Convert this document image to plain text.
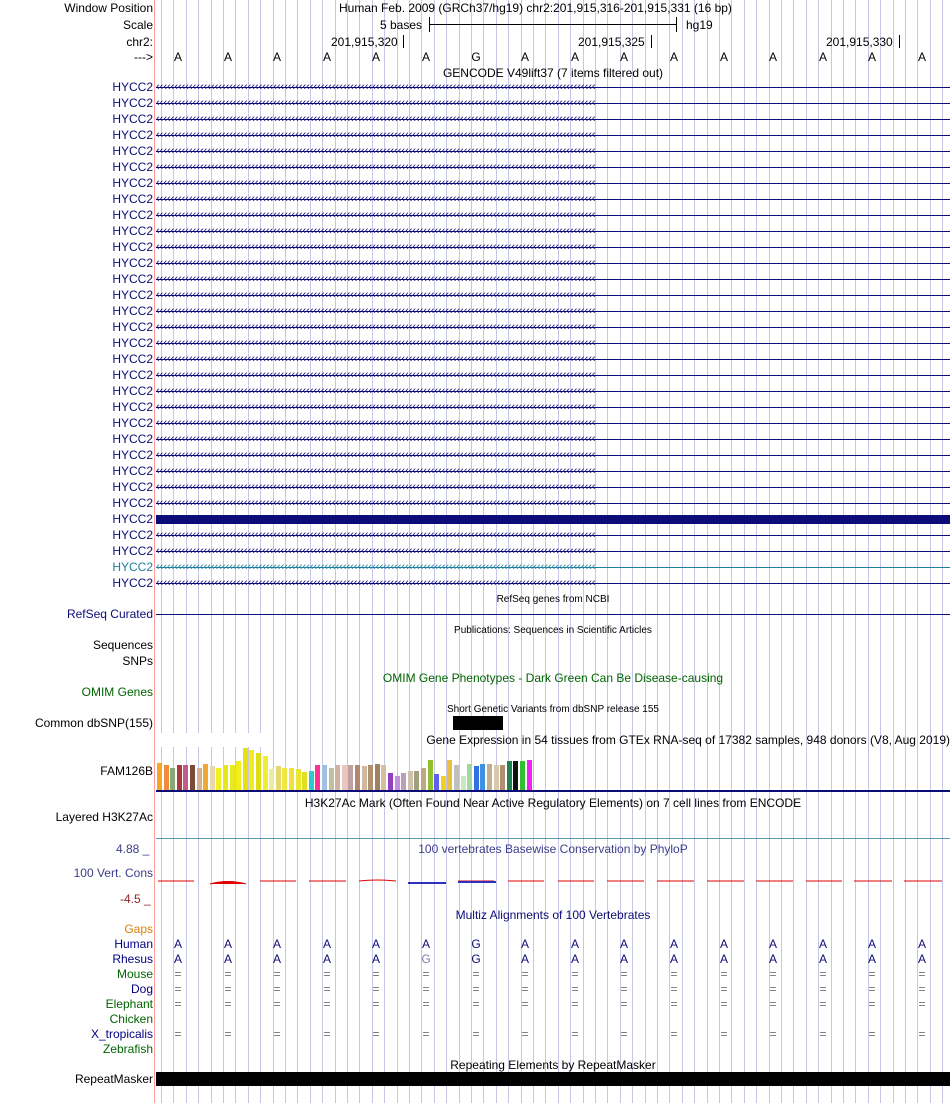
Window Position
Scale
chr2:
--->
Human Feb. 2009 (GRCh37/hg19) chr2:201,915,316-201,915,331 (16 bp)
5 bases	hg19
201,915,320	201,915,325	201,915,330
A	A	A	A	A	A	G	A	A	A	A	A	A	A	A	A
GENCODE V49lift37 (7 items filtered out)
HYCC2 ‹‹‹‹‹‹‹‹‹‹‹‹‹‹‹‹‹‹‹‹‹‹‹‹‹‹‹‹‹‹‹‹‹‹‹‹‹‹‹‹‹‹‹‹‹‹‹‹‹‹‹‹‹‹‹‹‹‹‹‹‹‹‹‹‹‹‹‹‹‹‹‹‹‹‹‹‹‹‹‹‹‹‹‹‹‹‹‹‹‹‹‹‹‹‹‹‹‹‹‹‹‹‹‹‹‹‹‹‹‹‹‹‹‹‹‹‹‹‹‹
HYCC2 ‹‹‹‹‹‹‹‹‹‹‹‹‹‹‹‹‹‹‹‹‹‹‹‹‹‹‹‹‹‹‹‹‹‹‹‹‹‹‹‹‹‹‹‹‹‹‹‹‹‹‹‹‹‹‹‹‹‹‹‹‹‹‹‹‹‹‹‹‹‹‹‹‹‹‹‹‹‹‹‹‹‹‹‹‹‹‹‹‹‹‹‹‹‹‹‹‹‹‹‹‹‹‹‹‹‹‹‹‹‹‹‹‹‹‹‹‹‹‹‹
HYCC2 ‹‹‹‹‹‹‹‹‹‹‹‹‹‹‹‹‹‹‹‹‹‹‹‹‹‹‹‹‹‹‹‹‹‹‹‹‹‹‹‹‹‹‹‹‹‹‹‹‹‹‹‹‹‹‹‹‹‹‹‹‹‹‹‹‹‹‹‹‹‹‹‹‹‹‹‹‹‹‹‹‹‹‹‹‹‹‹‹‹‹‹‹‹‹‹‹‹‹‹‹‹‹‹‹‹‹‹‹‹‹‹‹‹‹‹‹‹‹‹‹
HYCC2 ‹‹‹‹‹‹‹‹‹‹‹‹‹‹‹‹‹‹‹‹‹‹‹‹‹‹‹‹‹‹‹‹‹‹‹‹‹‹‹‹‹‹‹‹‹‹‹‹‹‹‹‹‹‹‹‹‹‹‹‹‹‹‹‹‹‹‹‹‹‹‹‹‹‹‹‹‹‹‹‹‹‹‹‹‹‹‹‹‹‹‹‹‹‹‹‹‹‹‹‹‹‹‹‹‹‹‹‹‹‹‹‹‹‹‹‹‹‹‹‹
HYCC2 ‹‹‹‹‹‹‹‹‹‹‹‹‹‹‹‹‹‹‹‹‹‹‹‹‹‹‹‹‹‹‹‹‹‹‹‹‹‹‹‹‹‹‹‹‹‹‹‹‹‹‹‹‹‹‹‹‹‹‹‹‹‹‹‹‹‹‹‹‹‹‹‹‹‹‹‹‹‹‹‹‹‹‹‹‹‹‹‹‹‹‹‹‹‹‹‹‹‹‹‹‹‹‹‹‹‹‹‹‹‹‹‹‹‹‹‹‹‹‹‹
HYCC2 ‹‹‹‹‹‹‹‹‹‹‹‹‹‹‹‹‹‹‹‹‹‹‹‹‹‹‹‹‹‹‹‹‹‹‹‹‹‹‹‹‹‹‹‹‹‹‹‹‹‹‹‹‹‹‹‹‹‹‹‹‹‹‹‹‹‹‹‹‹‹‹‹‹‹‹‹‹‹‹‹‹‹‹‹‹‹‹‹‹‹‹‹‹‹‹‹‹‹‹‹‹‹‹‹‹‹‹‹‹‹‹‹‹‹‹‹‹‹‹‹
HYCC2 ‹‹‹‹‹‹‹‹‹‹‹‹‹‹‹‹‹‹‹‹‹‹‹‹‹‹‹‹‹‹‹‹‹‹‹‹‹‹‹‹‹‹‹‹‹‹‹‹‹‹‹‹‹‹‹‹‹‹‹‹‹‹‹‹‹‹‹‹‹‹‹‹‹‹‹‹‹‹‹‹‹‹‹‹‹‹‹‹‹‹‹‹‹‹‹‹‹‹‹‹‹‹‹‹‹‹‹‹‹‹‹‹‹‹‹‹‹‹‹‹
HYCC2 ‹‹‹‹‹‹‹‹‹‹‹‹‹‹‹‹‹‹‹‹‹‹‹‹‹‹‹‹‹‹‹‹‹‹‹‹‹‹‹‹‹‹‹‹‹‹‹‹‹‹‹‹‹‹‹‹‹‹‹‹‹‹‹‹‹‹‹‹‹‹‹‹‹‹‹‹‹‹‹‹‹‹‹‹‹‹‹‹‹‹‹‹‹‹‹‹‹‹‹‹‹‹‹‹‹‹‹‹‹‹‹‹‹‹‹‹‹‹‹‹
HYCC2 ‹‹‹‹‹‹‹‹‹‹‹‹‹‹‹‹‹‹‹‹‹‹‹‹‹‹‹‹‹‹‹‹‹‹‹‹‹‹‹‹‹‹‹‹‹‹‹‹‹‹‹‹‹‹‹‹‹‹‹‹‹‹‹‹‹‹‹‹‹‹‹‹‹‹‹‹‹‹‹‹‹‹‹‹‹‹‹‹‹‹‹‹‹‹‹‹‹‹‹‹‹‹‹‹‹‹‹‹‹‹‹‹‹‹‹‹‹‹‹‹
HYCC2 ‹‹‹‹‹‹‹‹‹‹‹‹‹‹‹‹‹‹‹‹‹‹‹‹‹‹‹‹‹‹‹‹‹‹‹‹‹‹‹‹‹‹‹‹‹‹‹‹‹‹‹‹‹‹‹‹‹‹‹‹‹‹‹‹‹‹‹‹‹‹‹‹‹‹‹‹‹‹‹‹‹‹‹‹‹‹‹‹‹‹‹‹‹‹‹‹‹‹‹‹‹‹‹‹‹‹‹‹‹‹‹‹‹‹‹‹‹‹‹‹
HYCC2 ‹‹‹‹‹‹‹‹‹‹‹‹‹‹‹‹‹‹‹‹‹‹‹‹‹‹‹‹‹‹‹‹‹‹‹‹‹‹‹‹‹‹‹‹‹‹‹‹‹‹‹‹‹‹‹‹‹‹‹‹‹‹‹‹‹‹‹‹‹‹‹‹‹‹‹‹‹‹‹‹‹‹‹‹‹‹‹‹‹‹‹‹‹‹‹‹‹‹‹‹‹‹‹‹‹‹‹‹‹‹‹‹‹‹‹‹‹‹‹‹
HYCC2 ‹‹‹‹‹‹‹‹‹‹‹‹‹‹‹‹‹‹‹‹‹‹‹‹‹‹‹‹‹‹‹‹‹‹‹‹‹‹‹‹‹‹‹‹‹‹‹‹‹‹‹‹‹‹‹‹‹‹‹‹‹‹‹‹‹‹‹‹‹‹‹‹‹‹‹‹‹‹‹‹‹‹‹‹‹‹‹‹‹‹‹‹‹‹‹‹‹‹‹‹‹‹‹‹‹‹‹‹‹‹‹‹‹‹‹‹‹‹‹‹
HYCC2 ‹‹‹‹‹‹‹‹‹‹‹‹‹‹‹‹‹‹‹‹‹‹‹‹‹‹‹‹‹‹‹‹‹‹‹‹‹‹‹‹‹‹‹‹‹‹‹‹‹‹‹‹‹‹‹‹‹‹‹‹‹‹‹‹‹‹‹‹‹‹‹‹‹‹‹‹‹‹‹‹‹‹‹‹‹‹‹‹‹‹‹‹‹‹‹‹‹‹‹‹‹‹‹‹‹‹‹‹‹‹‹‹‹‹‹‹‹‹‹‹
HYCC2 ‹‹‹‹‹‹‹‹‹‹‹‹‹‹‹‹‹‹‹‹‹‹‹‹‹‹‹‹‹‹‹‹‹‹‹‹‹‹‹‹‹‹‹‹‹‹‹‹‹‹‹‹‹‹‹‹‹‹‹‹‹‹‹‹‹‹‹‹‹‹‹‹‹‹‹‹‹‹‹‹‹‹‹‹‹‹‹‹‹‹‹‹‹‹‹‹‹‹‹‹‹‹‹‹‹‹‹‹‹‹‹‹‹‹‹‹‹‹‹‹
HYCC2 ‹‹‹‹‹‹‹‹‹‹‹‹‹‹‹‹‹‹‹‹‹‹‹‹‹‹‹‹‹‹‹‹‹‹‹‹‹‹‹‹‹‹‹‹‹‹‹‹‹‹‹‹‹‹‹‹‹‹‹‹‹‹‹‹‹‹‹‹‹‹‹‹‹‹‹‹‹‹‹‹‹‹‹‹‹‹‹‹‹‹‹‹‹‹‹‹‹‹‹‹‹‹‹‹‹‹‹‹‹‹‹‹‹‹‹‹‹‹‹‹
HYCC2 ‹‹‹‹‹‹‹‹‹‹‹‹‹‹‹‹‹‹‹‹‹‹‹‹‹‹‹‹‹‹‹‹‹‹‹‹‹‹‹‹‹‹‹‹‹‹‹‹‹‹‹‹‹‹‹‹‹‹‹‹‹‹‹‹‹‹‹‹‹‹‹‹‹‹‹‹‹‹‹‹‹‹‹‹‹‹‹‹‹‹‹‹‹‹‹‹‹‹‹‹‹‹‹‹‹‹‹‹‹‹‹‹‹‹‹‹‹‹‹‹
HYCC2 ‹‹‹‹‹‹‹‹‹‹‹‹‹‹‹‹‹‹‹‹‹‹‹‹‹‹‹‹‹‹‹‹‹‹‹‹‹‹‹‹‹‹‹‹‹‹‹‹‹‹‹‹‹‹‹‹‹‹‹‹‹‹‹‹‹‹‹‹‹‹‹‹‹‹‹‹‹‹‹‹‹‹‹‹‹‹‹‹‹‹‹‹‹‹‹‹‹‹‹‹‹‹‹‹‹‹‹‹‹‹‹‹‹‹‹‹‹‹‹‹
HYCC2 ‹‹‹‹‹‹‹‹‹‹‹‹‹‹‹‹‹‹‹‹‹‹‹‹‹‹‹‹‹‹‹‹‹‹‹‹‹‹‹‹‹‹‹‹‹‹‹‹‹‹‹‹‹‹‹‹‹‹‹‹‹‹‹‹‹‹‹‹‹‹‹‹‹‹‹‹‹‹‹‹‹‹‹‹‹‹‹‹‹‹‹‹‹‹‹‹‹‹‹‹‹‹‹‹‹‹‹‹‹‹‹‹‹‹‹‹‹‹‹‹
HYCC2 ‹‹‹‹‹‹‹‹‹‹‹‹‹‹‹‹‹‹‹‹‹‹‹‹‹‹‹‹‹‹‹‹‹‹‹‹‹‹‹‹‹‹‹‹‹‹‹‹‹‹‹‹‹‹‹‹‹‹‹‹‹‹‹‹‹‹‹‹‹‹‹‹‹‹‹‹‹‹‹‹‹‹‹‹‹‹‹‹‹‹‹‹‹‹‹‹‹‹‹‹‹‹‹‹‹‹‹‹‹‹‹‹‹‹‹‹‹‹‹‹
HYCC2 ‹‹‹‹‹‹‹‹‹‹‹‹‹‹‹‹‹‹‹‹‹‹‹‹‹‹‹‹‹‹‹‹‹‹‹‹‹‹‹‹‹‹‹‹‹‹‹‹‹‹‹‹‹‹‹‹‹‹‹‹‹‹‹‹‹‹‹‹‹‹‹‹‹‹‹‹‹‹‹‹‹‹‹‹‹‹‹‹‹‹‹‹‹‹‹‹‹‹‹‹‹‹‹‹‹‹‹‹‹‹‹‹‹‹‹‹‹‹‹‹
HYCC2 ‹‹‹‹‹‹‹‹‹‹‹‹‹‹‹‹‹‹‹‹‹‹‹‹‹‹‹‹‹‹‹‹‹‹‹‹‹‹‹‹‹‹‹‹‹‹‹‹‹‹‹‹‹‹‹‹‹‹‹‹‹‹‹‹‹‹‹‹‹‹‹‹‹‹‹‹‹‹‹‹‹‹‹‹‹‹‹‹‹‹‹‹‹‹‹‹‹‹‹‹‹‹‹‹‹‹‹‹‹‹‹‹‹‹‹‹‹‹‹‹
HYCC2 ‹‹‹‹‹‹‹‹‹‹‹‹‹‹‹‹‹‹‹‹‹‹‹‹‹‹‹‹‹‹‹‹‹‹‹‹‹‹‹‹‹‹‹‹‹‹‹‹‹‹‹‹‹‹‹‹‹‹‹‹‹‹‹‹‹‹‹‹‹‹‹‹‹‹‹‹‹‹‹‹‹‹‹‹‹‹‹‹‹‹‹‹‹‹‹‹‹‹‹‹‹‹‹‹‹‹‹‹‹‹‹‹‹‹‹‹‹‹‹‹
HYCC2 ‹‹‹‹‹‹‹‹‹‹‹‹‹‹‹‹‹‹‹‹‹‹‹‹‹‹‹‹‹‹‹‹‹‹‹‹‹‹‹‹‹‹‹‹‹‹‹‹‹‹‹‹‹‹‹‹‹‹‹‹‹‹‹‹‹‹‹‹‹‹‹‹‹‹‹‹‹‹‹‹‹‹‹‹‹‹‹‹‹‹‹‹‹‹‹‹‹‹‹‹‹‹‹‹‹‹‹‹‹‹‹‹‹‹‹‹‹‹‹‹
HYCC2 ‹‹‹‹‹‹‹‹‹‹‹‹‹‹‹‹‹‹‹‹‹‹‹‹‹‹‹‹‹‹‹‹‹‹‹‹‹‹‹‹‹‹‹‹‹‹‹‹‹‹‹‹‹‹‹‹‹‹‹‹‹‹‹‹‹‹‹‹‹‹‹‹‹‹‹‹‹‹‹‹‹‹‹‹‹‹‹‹‹‹‹‹‹‹‹‹‹‹‹‹‹‹‹‹‹‹‹‹‹‹‹‹‹‹‹‹‹‹‹‹
HYCC2 ‹‹‹‹‹‹‹‹‹‹‹‹‹‹‹‹‹‹‹‹‹‹‹‹‹‹‹‹‹‹‹‹‹‹‹‹‹‹‹‹‹‹‹‹‹‹‹‹‹‹‹‹‹‹‹‹‹‹‹‹‹‹‹‹‹‹‹‹‹‹‹‹‹‹‹‹‹‹‹‹‹‹‹‹‹‹‹‹‹‹‹‹‹‹‹‹‹‹‹‹‹‹‹‹‹‹‹‹‹‹‹‹‹‹‹‹‹‹‹‹
HYCC2 ‹‹‹‹‹‹‹‹‹‹‹‹‹‹‹‹‹‹‹‹‹‹‹‹‹‹‹‹‹‹‹‹‹‹‹‹‹‹‹‹‹‹‹‹‹‹‹‹‹‹‹‹‹‹‹‹‹‹‹‹‹‹‹‹‹‹‹‹‹‹‹‹‹‹‹‹‹‹‹‹‹‹‹‹‹‹‹‹‹‹‹‹‹‹‹‹‹‹‹‹‹‹‹‹‹‹‹‹‹‹‹‹‹‹‹‹‹‹‹‹
HYCC2 ‹‹‹‹‹‹‹‹‹‹‹‹‹‹‹‹‹‹‹‹‹‹‹‹‹‹‹‹‹‹‹‹‹‹‹‹‹‹‹‹‹‹‹‹‹‹‹‹‹‹‹‹‹‹‹‹‹‹‹‹‹‹‹‹‹‹‹‹‹‹‹‹‹‹‹‹‹‹‹‹‹‹‹‹‹‹‹‹‹‹‹‹‹‹‹‹‹‹‹‹‹‹‹‹‹‹‹‹‹‹‹‹‹‹‹‹‹‹‹‹
HYCC2
HYCC2 ‹‹‹‹‹‹‹‹‹‹‹‹‹‹‹‹‹‹‹‹‹‹‹‹‹‹‹‹‹‹‹‹‹‹‹‹‹‹‹‹‹‹‹‹‹‹‹‹‹‹‹‹‹‹‹‹‹‹‹‹‹‹‹‹‹‹‹‹‹‹‹‹‹‹‹‹‹‹‹‹‹‹‹‹‹‹‹‹‹‹‹‹‹‹‹‹‹‹‹‹‹‹‹‹‹‹‹‹‹‹‹‹‹‹‹‹‹‹‹‹
HYCC2 ‹‹‹‹‹‹‹‹‹‹‹‹‹‹‹‹‹‹‹‹‹‹‹‹‹‹‹‹‹‹‹‹‹‹‹‹‹‹‹‹‹‹‹‹‹‹‹‹‹‹‹‹‹‹‹‹‹‹‹‹‹‹‹‹‹‹‹‹‹‹‹‹‹‹‹‹‹‹‹‹‹‹‹‹‹‹‹‹‹‹‹‹‹‹‹‹‹‹‹‹‹‹‹‹‹‹‹‹‹‹‹‹‹‹‹‹‹‹‹‹
HYCC2 ‹‹‹‹‹‹‹‹‹‹‹‹‹‹‹‹‹‹‹‹‹‹‹‹‹‹‹‹‹‹‹‹‹‹‹‹‹‹‹‹‹‹‹‹‹‹‹‹‹‹‹‹‹‹‹‹‹‹‹‹‹‹‹‹‹‹‹‹‹‹‹‹‹‹‹‹‹‹‹‹‹‹‹‹‹‹‹‹‹‹‹‹‹‹‹‹‹‹‹‹‹‹‹‹‹‹‹‹‹‹‹‹‹‹‹‹‹‹‹‹
HYCC2 ‹‹‹‹‹‹‹‹‹‹‹‹‹‹‹‹‹‹‹‹‹‹‹‹‹‹‹‹‹‹‹‹‹‹‹‹‹‹‹‹‹‹‹‹‹‹‹‹‹‹‹‹‹‹‹‹‹‹‹‹‹‹‹‹‹‹‹‹‹‹‹‹‹‹‹‹‹‹‹‹‹‹‹‹‹‹‹‹‹‹‹‹‹‹‹‹‹‹‹‹‹‹‹‹‹‹‹‹‹‹‹‹‹‹‹‹‹‹‹‹
RefSeq genes from NCBI
RefSeq Curated
Publications: Sequences in Scientific Articles
Sequences
SNPs
OMIM Gene Phenotypes - Dark Green Can Be Disease-causing
OMIM Genes
Short Genetic Variants from dbSNP release 155
Common dbSNP(155)
Gene Expression in 54 tissues from GTEx RNA-seq of 17382 samples, 948 donors (V8, Aug 2019)
FAM126B
H3K27Ac Mark (Often Found Near Active Regulatory Elements) on 7 cell lines from ENCODE
Layered H3K27Ac
4.88 _	100 vertebrates Basewise Conservation by PhyloP
100 Vert. Cons
-4.5 _
Multiz Alignments of 100 Vertebrates
Gaps
Human A	A	A	A	A	A	G	A	A	A	A	A	A	A	A	A
Rhesus A	A	A	A	A	G	G	A	A	A	A	A	A	A	A	A
Mouse =	=	=	=	=	=	=	=	=	=	=	=	=	=	=	=
Dog =	=	=	=	=	=	=	=	=	=	=	=	=	=	=	=
Elephant =	=	=	=	=	=	=	=	=	=	=	=	=	=	=	=
Chicken
X_tropicalis =	=	=	=	=	=	=	=	=	=	=	=	=	=	=	=
Zebrafish
Repeating Elements by RepeatMasker
RepeatMasker
